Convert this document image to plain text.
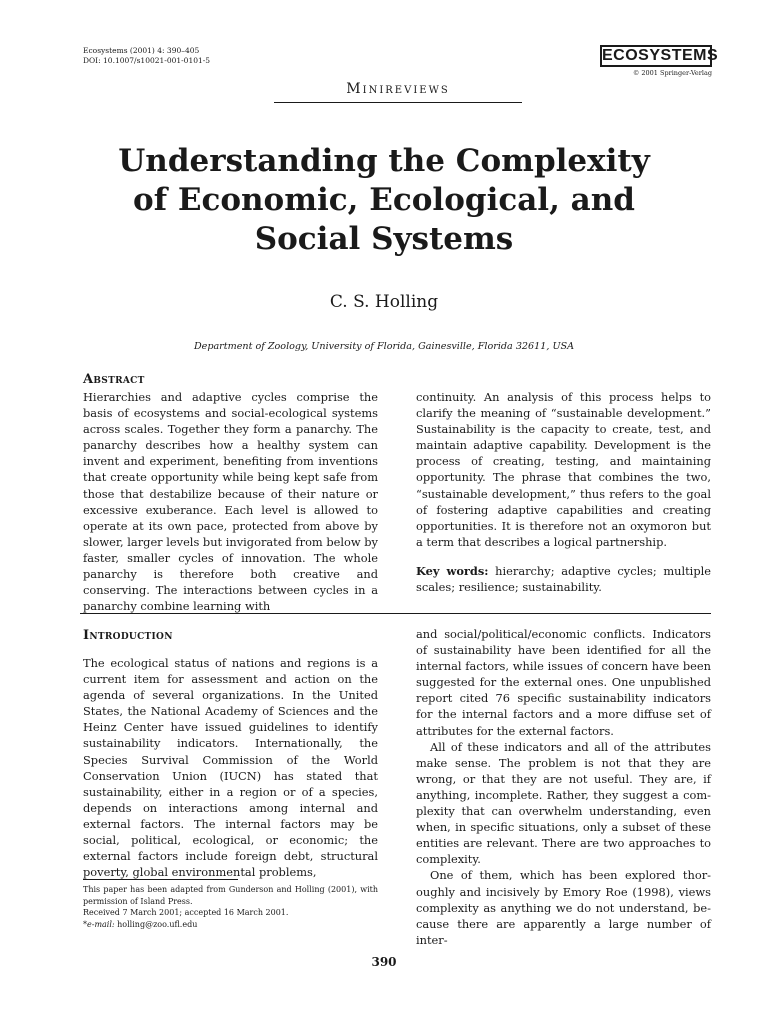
Ecosystems (2001) 4: 390–405
DOI: 10.1007/s10021-001-0101-5	ECOSYSTEMS
© 2001 Springer-Verlag
Minireviews
Understanding the Complexity
of Economic, Ecological, and
Social Systems
C. S. Holling
Department of Zoology, University of Florida, Gainesville, Florida 32611, USA
Abstract

Hierarchies and adaptive cycles comprise the basis of ecosystems and social-ecological systems across scales. Together they form a panarchy. The panarchy describes how a healthy system can invent and experiment, benefiting from inventions that create opportunity while being kept safe from those that destabilize because of their nature or excessive exuberance. Each level is allowed to operate at its own pace, protected from above by slower, larger levels but invigorated from below by faster, smaller cycles of innovation. The whole panarchy is therefore both creative and conserving. The interactions between cycles in a panarchy combine learning with

continuity. An analysis of this process helps to clarify the meaning of “sustainable development.” Sustainability is the capacity to create, test, and maintain adaptive capability. Development is the process of creating, testing, and maintaining opportunity. The phrase that combines the two, “sustainable development,” thus refers to the goal of fostering adaptive capabilities and creating opportunities. It is therefore not an oxymoron but a term that describes a logical partnership.

Key words: hierarchy; adaptive cycles; multiple scales; resilience; sustainability.
Introduction

The ecological status of nations and regions is a current item for assessment and action on the agenda of several organizations. In the United States, the National Academy of Sciences and the Heinz Center have issued guidelines to identify sustainability indicators. Internationally, the Species Survival Commission of the World Conservation Union (IUCN) has stated that sustainability, either in a region or of a species, depends on interactions among internal and external factors. The internal factors may be social, political, ecological, or economic; the external factors include foreign debt, structural poverty, global environmental problems,

and social/political/economic conflicts. Indicators of sustainability have been identified for all the internal factors, while issues of concern have been suggested for the external ones. One unpublished report cited 76 specific sustainability indicators for the internal factors and a more diffuse set of attributes for the external factors.

All of these indicators and all of the attributes make sense. The problem is not that they are wrong, or that they are not useful. They are, if anything, incomplete. Rather, they suggest a complexity that can overwhelm understanding, even when, in specific situations, only a subset of these entities are relevant. There are two approaches to complexity.

One of them, which has been explored thoroughly and incisively by Emory Roe (1998), views complexity as anything we do not understand, because there are apparently a large number of inter-

This paper has been adapted from Gunderson and Holling (2001), with permission of Island Press.

Received 7 March 2001; accepted 16 March 2001.

*e-mail: holling@zoo.ufl.edu

390
